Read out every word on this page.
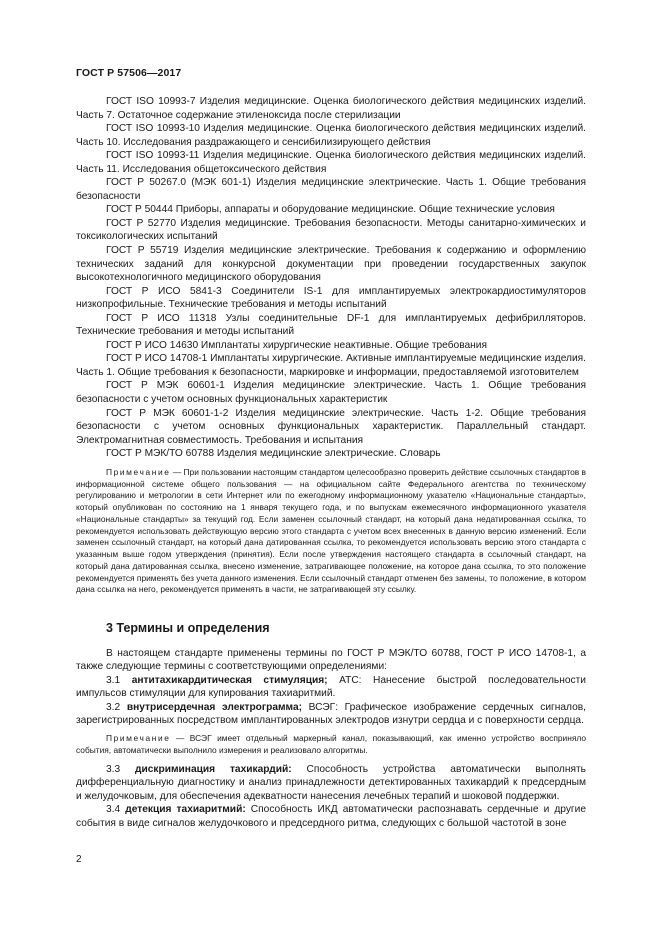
ГОСТ Р 57506—2017

ГОСТ ISO 10993-7 Изделия медицинские. Оценка биологического действия медицинских изделий. Часть 7. Остаточное содержание этиленоксида после стерилизации

ГОСТ ISO 10993-10 Изделия медицинские. Оценка биологического действия медицинских изделий. Часть 10. Исследования раздражающего и сенсибилизирующего действия

ГОСТ ISO 10993-11 Изделия медицинские. Оценка биологического действия медицинских изделий. Часть 11. Исследования общетоксического действия

ГОСТ Р 50267.0 (МЭК 601-1) Изделия медицинские электрические. Часть 1. Общие требования безопасности

ГОСТ Р 50444 Приборы, аппараты и оборудование медицинские. Общие технические условия

ГОСТ Р 52770 Изделия медицинские. Требования безопасности. Методы санитарно-химических и токсикологических испытаний

ГОСТ Р 55719 Изделия медицинские электрические. Требования к содержанию и оформлению технических заданий для конкурсной документации при проведении государственных закупок высокотехнологичного медицинского оборудования

ГОСТ Р ИСО 5841-3 Соединители IS-1 для имплантируемых электрокардиостимуляторов низкопрофильные. Технические требования и методы испытаний

ГОСТ Р ИСО 11318 Узлы соединительные DF-1 для имплантируемых дефибрилляторов. Технические требования и методы испытаний

ГОСТ Р ИСО 14630 Имплантаты хирургические неактивные. Общие требования

ГОСТ Р ИСО 14708-1 Имплантаты хирургические. Активные имплантируемые медицинские изделия. Часть 1. Общие требования к безопасности, маркировке и информации, предоставляемой изготовителем

ГОСТ Р МЭК 60601-1 Изделия медицинские электрические. Часть 1. Общие требования безопасности с учетом основных функциональных характеристик

ГОСТ Р МЭК 60601-1-2 Изделия медицинские электрические. Часть 1-2. Общие требования безопасности с учетом основных функциональных характеристик. Параллельный стандарт. Электромагнитная совместимость. Требования и испытания

ГОСТ Р МЭК/ТО 60788 Изделия медицинские электрические. Словарь

Примечание — При пользовании настоящим стандартом целесообразно проверить действие ссылочных стандартов в информационной системе общего пользования — на официальном сайте Федерального агентства по техническому регулированию и метрологии в сети Интернет или по ежегодному информационному указателю «Национальные стандарты», который опубликован по состоянию на 1 января текущего года, и по выпускам ежемесячного информационного указателя «Национальные стандарты» за текущий год. Если заменен ссылочный стандарт, на который дана недатированная ссылка, то рекомендуется использовать действующую версию этого стандарта с учетом всех внесенных в данную версию изменений. Если заменен ссылочный стандарт, на который дана датированная ссылка, то рекомендуется использовать версию этого стандарта с указанным выше годом утверждения (принятия). Если после утверждения настоящего стандарта в ссылочный стандарт, на который дана датированная ссылка, внесено изменение, затрагивающее положение, на которое дана ссылка, то это положение рекомендуется применять без учета данного изменения. Если ссылочный стандарт отменен без замены, то положение, в котором дана ссылка на него, рекомендуется применять в части, не затрагивающей эту ссылку.

3 Термины и определения

В настоящем стандарте применены термины по ГОСТ Р МЭК/ТО 60788, ГОСТ Р ИСО 14708-1, а также следующие термины с соответствующими определениями:

3.1 антитахикардитическая стимуляция; АТС: Нанесение быстрой последовательности импульсов стимуляции для купирования тахиаритмий.

3.2 внутрисердечная электрограмма; ВСЭГ: Графическое изображение сердечных сигналов, зарегистрированных посредством имплантированных электродов изнутри сердца и с поверхности сердца.

Примечание — ВСЭГ имеет отдельный маркерный канал, показывающий, как именно устройство восприняло события, автоматически выполнило измерения и реализовало алгоритмы.

3.3 дискриминация тахикардий: Способность устройства автоматически выполнять дифференциальную диагностику и анализ принадлежности детектированных тахикардий к предсердным и желудочковым, для обеспечения адекватности нанесения лечебных терапий и шоковой поддержки.

3.4 детекция тахиаритмий: Способность ИКД автоматически распознавать сердечные и другие события в виде сигналов желудочкового и предсердного ритма, следующих с большой частотой в зоне

2
